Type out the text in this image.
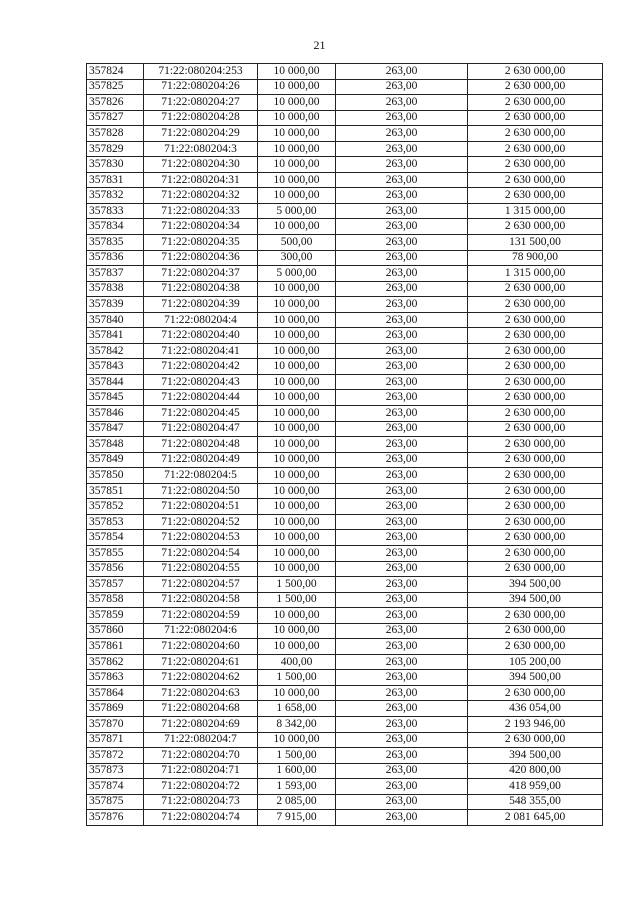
21
357824	71:22:080204:253	10 000,00	263,00	2 630 000,00
357825	71:22:080204:26	10 000,00	263,00	2 630 000,00
357826	71:22:080204:27	10 000,00	263,00	2 630 000,00
357827	71:22:080204:28	10 000,00	263,00	2 630 000,00
357828	71:22:080204:29	10 000,00	263,00	2 630 000,00
357829	71:22:080204:3	10 000,00	263,00	2 630 000,00
357830	71:22:080204:30	10 000,00	263,00	2 630 000,00
357831	71:22:080204:31	10 000,00	263,00	2 630 000,00
357832	71:22:080204:32	10 000,00	263,00	2 630 000,00
357833	71:22:080204:33	5 000,00	263,00	1 315 000,00
357834	71:22:080204:34	10 000,00	263,00	2 630 000,00
357835	71:22:080204:35	500,00	263,00	131 500,00
357836	71:22:080204:36	300,00	263,00	78 900,00
357837	71:22:080204:37	5 000,00	263,00	1 315 000,00
357838	71:22:080204:38	10 000,00	263,00	2 630 000,00
357839	71:22:080204:39	10 000,00	263,00	2 630 000,00
357840	71:22:080204:4	10 000,00	263,00	2 630 000,00
357841	71:22:080204:40	10 000,00	263,00	2 630 000,00
357842	71:22:080204:41	10 000,00	263,00	2 630 000,00
357843	71:22:080204:42	10 000,00	263,00	2 630 000,00
357844	71:22:080204:43	10 000,00	263,00	2 630 000,00
357845	71:22:080204:44	10 000,00	263,00	2 630 000,00
357846	71:22:080204:45	10 000,00	263,00	2 630 000,00
357847	71:22:080204:47	10 000,00	263,00	2 630 000,00
357848	71:22:080204:48	10 000,00	263,00	2 630 000,00
357849	71:22:080204:49	10 000,00	263,00	2 630 000,00
357850	71:22:080204:5	10 000,00	263,00	2 630 000,00
357851	71:22:080204:50	10 000,00	263,00	2 630 000,00
357852	71:22:080204:51	10 000,00	263,00	2 630 000,00
357853	71:22:080204:52	10 000,00	263,00	2 630 000,00
357854	71:22:080204:53	10 000,00	263,00	2 630 000,00
357855	71:22:080204:54	10 000,00	263,00	2 630 000,00
357856	71:22:080204:55	10 000,00	263,00	2 630 000,00
357857	71:22:080204:57	1 500,00	263,00	394 500,00
357858	71:22:080204:58	1 500,00	263,00	394 500,00
357859	71:22:080204:59	10 000,00	263,00	2 630 000,00
357860	71:22:080204:6	10 000,00	263,00	2 630 000,00
357861	71:22:080204:60	10 000,00	263,00	2 630 000,00
357862	71:22:080204:61	400,00	263,00	105 200,00
357863	71:22:080204:62	1 500,00	263,00	394 500,00
357864	71:22:080204:63	10 000,00	263,00	2 630 000,00
357869	71:22:080204:68	1 658,00	263,00	436 054,00
357870	71:22:080204:69	8 342,00	263,00	2 193 946,00
357871	71:22:080204:7	10 000,00	263,00	2 630 000,00
357872	71:22:080204:70	1 500,00	263,00	394 500,00
357873	71:22:080204:71	1 600,00	263,00	420 800,00
357874	71:22:080204:72	1 593,00	263,00	418 959,00
357875	71:22:080204:73	2 085,00	263,00	548 355,00
357876	71:22:080204:74	7 915,00	263,00	2 081 645,00
